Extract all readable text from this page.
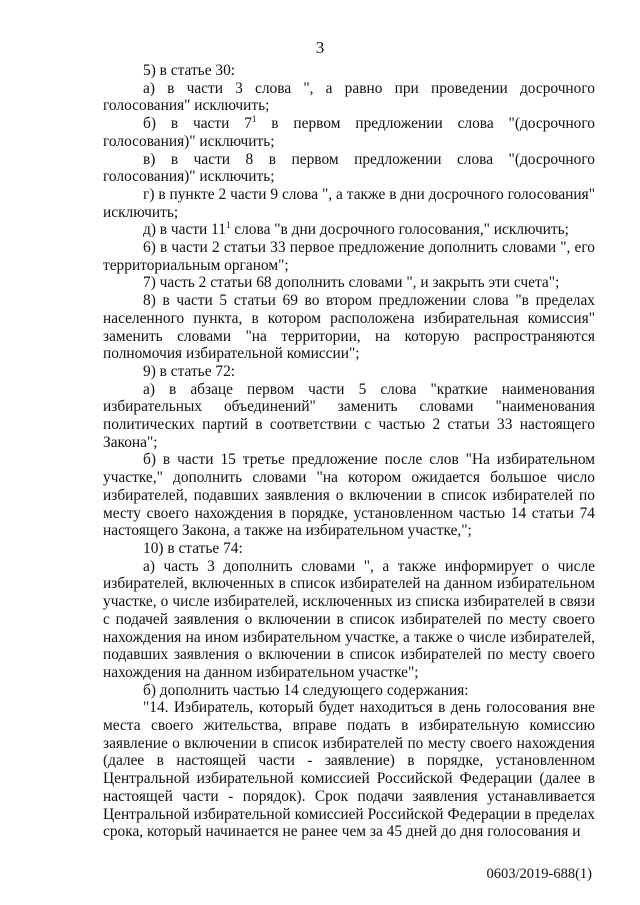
3

5) в статье 30:

а) в части 3 слова ", а равно при проведении досрочного голосования" исключить;

б) в части $7^1$ в первом предложении слова "(досрочного голосования)" исключить;

в) в части 8 в первом предложении слова "(досрочного голосования)" исключить;

г) в пункте 2 части 9 слова ", а также в дни досрочного голосования" исключить;

д) в части $11^1$ слова "в дни досрочного голосования," исключить;

6) в части 2 статьи 33 первое предложение дополнить словами ", его территориальным органом";

7) часть 2 статьи 68 дополнить словами ", и закрыть эти счета";

8) в части 5 статьи 69 во втором предложении слова "в пределах населенного пункта, в котором расположена избирательная комиссия" заменить словами "на территории, на которую распространяются полномочия избирательной комиссии";

9) в статье 72:

а) в абзаце первом части 5 слова "краткие наименования избирательных объединений" заменить словами "наименования политических партий в соответствии с частью 2 статьи 33 настоящего Закона";

б) в части 15 третье предложение после слов "На избирательном участке," дополнить словами "на котором ожидается большое число избирателей, подавших заявления о включении в список избирателей по месту своего нахождения в порядке, установленном частью 14 статьи 74 настоящего Закона, а также на избирательном участке,";

10) в статье 74:

а) часть 3 дополнить словами ", а также информирует о числе избирателей, включенных в список избирателей на данном избирательном участке, о числе избирателей, исключенных из списка избирателей в связи с подачей заявления о включении в список избирателей по месту своего нахождения на ином избирательном участке, а также о числе избирателей, подавших заявления о включении в список избирателей по месту своего нахождения на данном избирательном участке";

б) дополнить частью 14 следующего содержания:

"14. Избиратель, который будет находиться в день голосования вне места своего жительства, вправе подать в избирательную комиссию заявление о включении в список избирателей по месту своего нахождения (далее в настоящей части - заявление) в порядке, установленном Центральной избирательной комиссией Российской Федерации (далее в настоящей части - порядок). Срок подачи заявления устанавливается Центральной избирательной комиссией Российской Федерации в пределах срока, который начинается не ранее чем за 45 дней до дня голосования и

0603/2019-688(1)
